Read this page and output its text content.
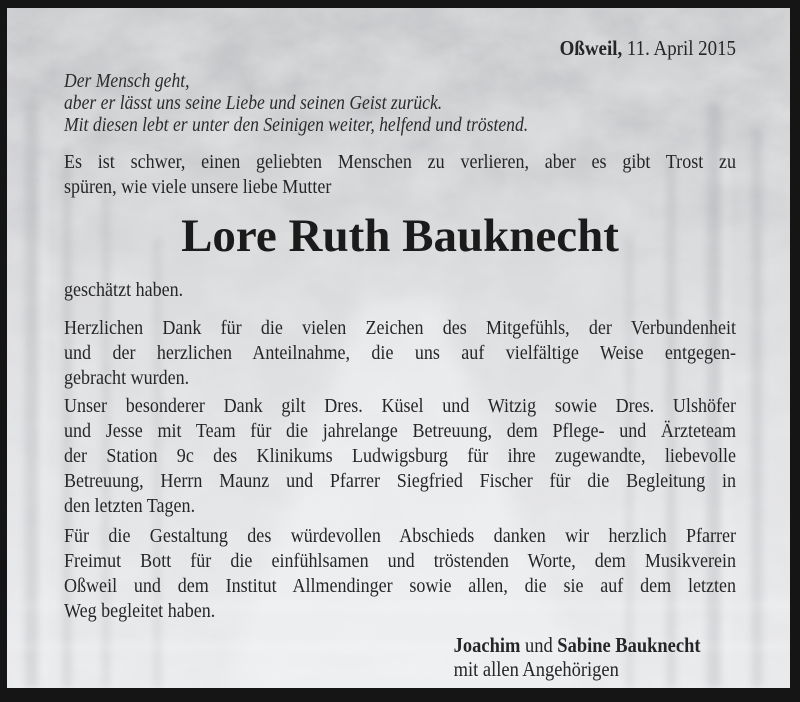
Oßweil, 11. April 2015
Der Mensch geht,
aber er lässt uns seine Liebe und seinen Geist zurück.
Mit diesen lebt er unter den Seinigen weiter, helfend und tröstend.
Es ist schwer, einen geliebten Menschen zu verlieren, aber es gibt Trost zu
spüren, wie viele unsere liebe Mutter
Lore Ruth Bauknecht
geschätzt haben.
Herzlichen Dank für die vielen Zeichen des Mitgefühls, der Verbundenheit
und der herzlichen Anteilnahme, die uns auf vielfältige Weise entgegen-
gebracht wurden.
Unser besonderer Dank gilt Dres. Küsel und Witzig sowie Dres. Ulshöfer
und Jesse mit Team für die jahrelange Betreuung, dem Pflege- und Ärzteteam
der Station 9c des Klinikums Ludwigsburg für ihre zugewandte, liebevolle
Betreuung, Herrn Maunz und Pfarrer Siegfried Fischer für die Begleitung in
den letzten Tagen.
Für die Gestaltung des würdevollen Abschieds danken wir herzlich Pfarrer
Freimut Bott für die einfühlsamen und tröstenden Worte, dem Musikverein
Oßweil und dem Institut Allmendinger sowie allen, die sie auf dem letzten
Weg begleitet haben.
Joachim und Sabine Bauknecht
mit allen Angehörigen
